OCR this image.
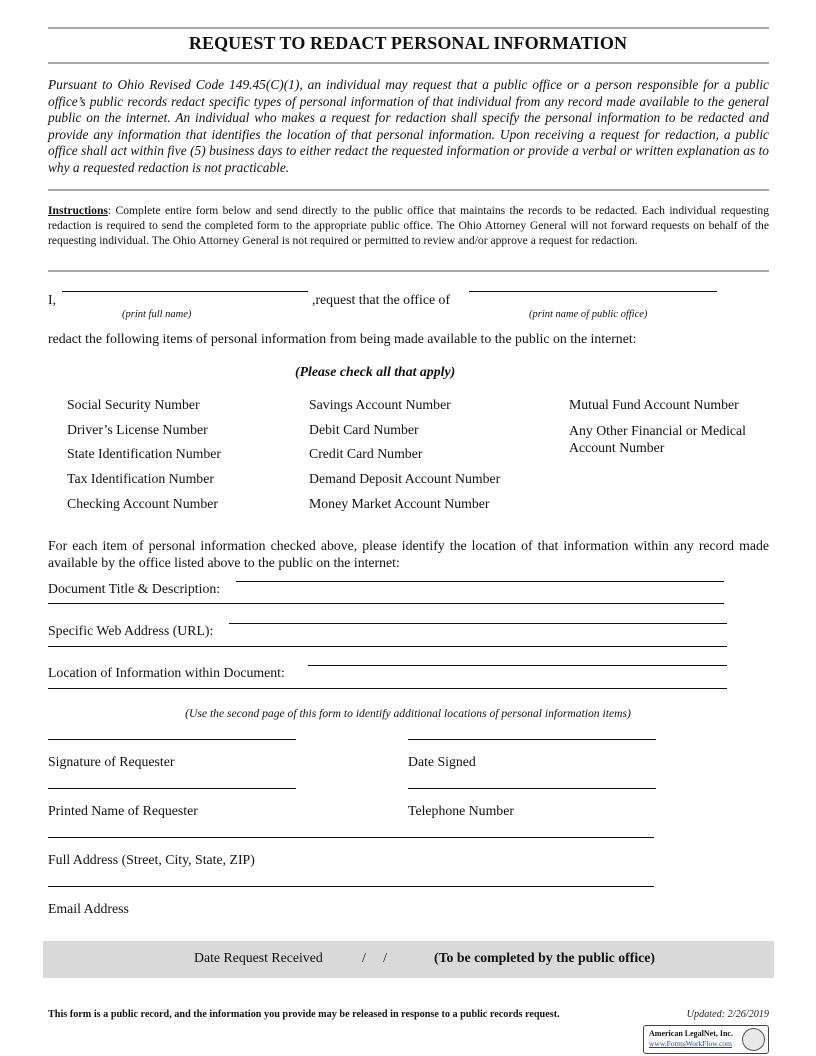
REQUEST TO REDACT PERSONAL INFORMATION
Pursuant to Ohio Revised Code 149.45(C)(1), an individual may request that a public office or a person responsible for a public office’s public records redact specific types of personal information of that individual from any record made available to the general public on the internet. An individual who makes a request for redaction shall specify the personal information to be redacted and provide any information that identifies the location of that personal information. Upon receiving a request for redaction, a public office shall act within five (5) business days to either redact the requested information or provide a verbal or written explanation as to why a requested redaction is not practicable.
Instructions: Complete entire form below and send directly to the public office that maintains the records to be redacted. Each individual requesting redaction is required to send the completed form to the appropriate public office. The Ohio Attorney General will not forward requests on behalf of the requesting individual. The Ohio Attorney General is not required or permitted to review and/or approve a request for redaction.
I,	,request that the office of
(print full name)	(print name of public office)
redact the following items of personal information from being made available to the public on the internet:
(Please check all that apply)
Social Security Number
Driver’s License Number
State Identification Number
Tax Identification Number
Checking Account Number
Savings Account Number
Debit Card Number
Credit Card Number
Demand Deposit Account Number
Money Market Account Number
Mutual Fund Account Number
Any Other Financial or Medical Account Number
For each item of personal information checked above, please identify the location of that information within any record made available by the office listed above to the public on the internet:
Document Title & Description:
Specific Web Address (URL):
Location of Information within Document:
(Use the second page of this form to identify additional locations of personal information items)
Signature of Requester	Date Signed
Printed Name of Requester	Telephone Number
Full Address (Street, City, State, ZIP)
Email Address
Date Request Received	/     /	(To be completed by the public office)
This form is a public record, and the information you provide may be released in response to a public records request.	Updated: 2/26/2019
American LegalNet, Inc.
www.FormsWorkFlow.com
